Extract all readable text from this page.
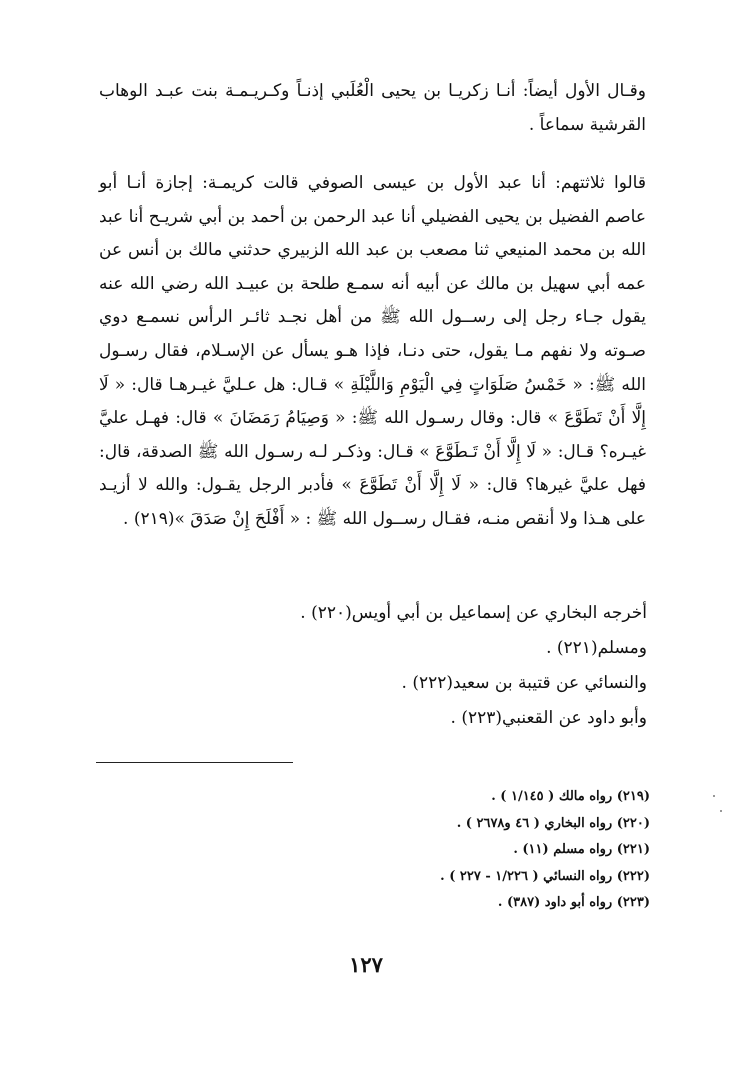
وقـال الأول أيضاً: أنـا زكريـا بن يحيى الْعُلَبي إذنـاً وكـريـمـة بنت عبـد الوهاب القرشية سماعاً .

قالوا ثلاثتهم: أنا عبد الأول بن عيسى الصوفي قالت كريمـة: إجازة أنـا أبو عاصم الفضيل بن يحيى الفضيلي أنا عبد الرحمن بن أحمد بن أبي شريـح أنا عبد الله بن محمد المنيعي ثنا مصعب بن عبد الله الزبيري حدثني مالك بن أنس عن عمه أبي سهيل بن مالك عن أبيه أنه سمـع طلحة بن عبيـد الله رضي الله عنه يقول جـاء رجل إلى رســول الله ﷺ من أهل نجـد ثائـر الرأس نسمـع دوي صـوته ولا نفهم مـا يقول، حتى دنـا، فإذا هـو يسأل عن الإسـلام، فقال رسـول الله ﷺ: « خَمْسُ صَلَوَاتٍ فِي الْيَوْمِ وَاللَّيْلَةِ » قـال: هل عـليَّ غيـرهـا قال: « لَا إِلَّا أَنْ تَطَوَّعَ » قال: وقال رسـول الله ﷺ: « وَصِيَامُ رَمَضَانَ » قال: فهـل عليَّ غيـره؟ قـال: « لَا إِلَّا أَنْ تَـطَوَّعَ » قـال: وذكـر لـه رسـول الله ﷺ الصدقة، قال: فهل عليَّ غيرها؟ قال: « لَا إِلَّا أَنْ تَطَوَّعَ » فأدبر الرجل يقـول: والله لا أزيـد على هـذا ولا أنقص منـه، فقـال رســول الله ﷺ : « أَفْلَحَ إِنْ صَدَقَ »(٢١٩) .

أخرجه البخاري عن إسماعيل بن أبي أويس(٢٢٠) .
ومسلم(٢٢١) .
والنسائي عن قتيبة بن سعيد(٢٢٢) .
وأبو داود عن القعنبي(٢٢٣) .
(٢١٩) رواه مالك ( ١/١٤٥ ) .
(٢٢٠) رواه البخاري ( ٤٦ و٢٦٧٨ ) .
(٢٢١) رواه مسلم (١١) .
(٢٢٢) رواه النسائي ( ١/٢٢٦ - ٢٢٧ ) .
(٢٢٣) رواه أبو داود (٣٨٧) .
١٢٧
